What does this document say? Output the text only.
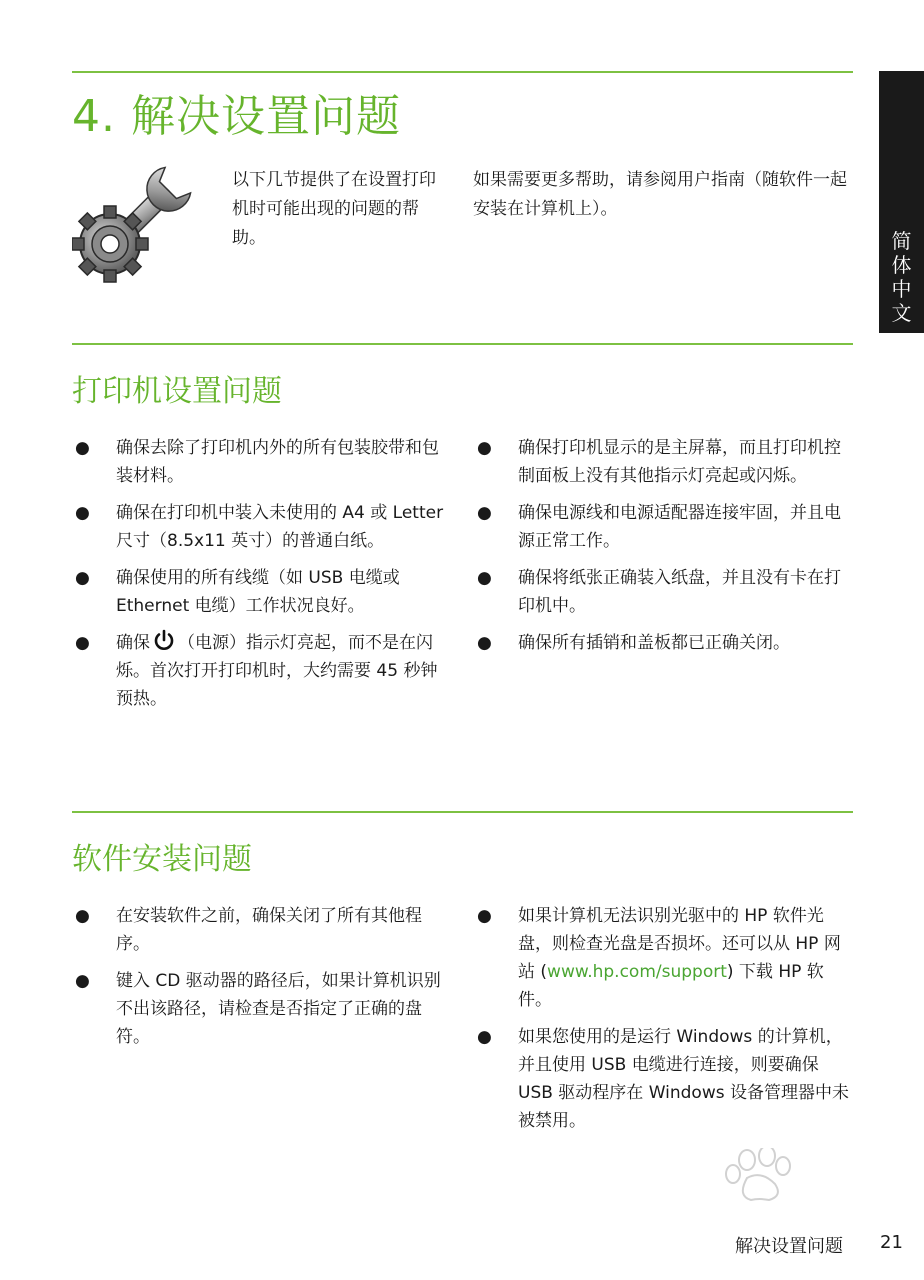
简
体
中
文
4. 解决设置问题
以下几节提供了在设置打印机时可能出现的问题的帮助。
如果需要更多帮助，请参阅用户指南（随软件一起安装在计算机上）。
打印机设置问题
● 确保去除了打印机内外的所有包装胶带和包装材料。
● 确保在打印机中装入未使用的 A4 或 Letter 尺寸（8.5x11 英寸）的普通白纸。
● 确保使用的所有线缆（如 USB 电缆或 Ethernet 电缆）工作状况良好。
● 确保 （电源）指示灯亮起，而不是在闪烁。首次打开打印机时，大约需要 45 秒钟预热。
● 确保打印机显示的是主屏幕，而且打印机控制面板上没有其他指示灯亮起或闪烁。
● 确保电源线和电源适配器连接牢固，并且电源正常工作。
● 确保将纸张正确装入纸盘，并且没有卡在打印机中。
● 确保所有插销和盖板都已正确关闭。
软件安装问题
● 在安装软件之前，确保关闭了所有其他程序。
● 键入 CD 驱动器的路径后，如果计算机识别不出该路径，请检查是否指定了正确的盘符。
● 如果计算机无法识别光驱中的 HP 软件光盘，则检查光盘是否损坏。还可以从 HP 网站 (www.hp.com/support) 下载 HP 软件。
● 如果您使用的是运行 Windows 的计算机，并且使用 USB 电缆进行连接，则要确保 USB 驱动程序在 Windows 设备管理器中未被禁用。
解决设置问题 21
